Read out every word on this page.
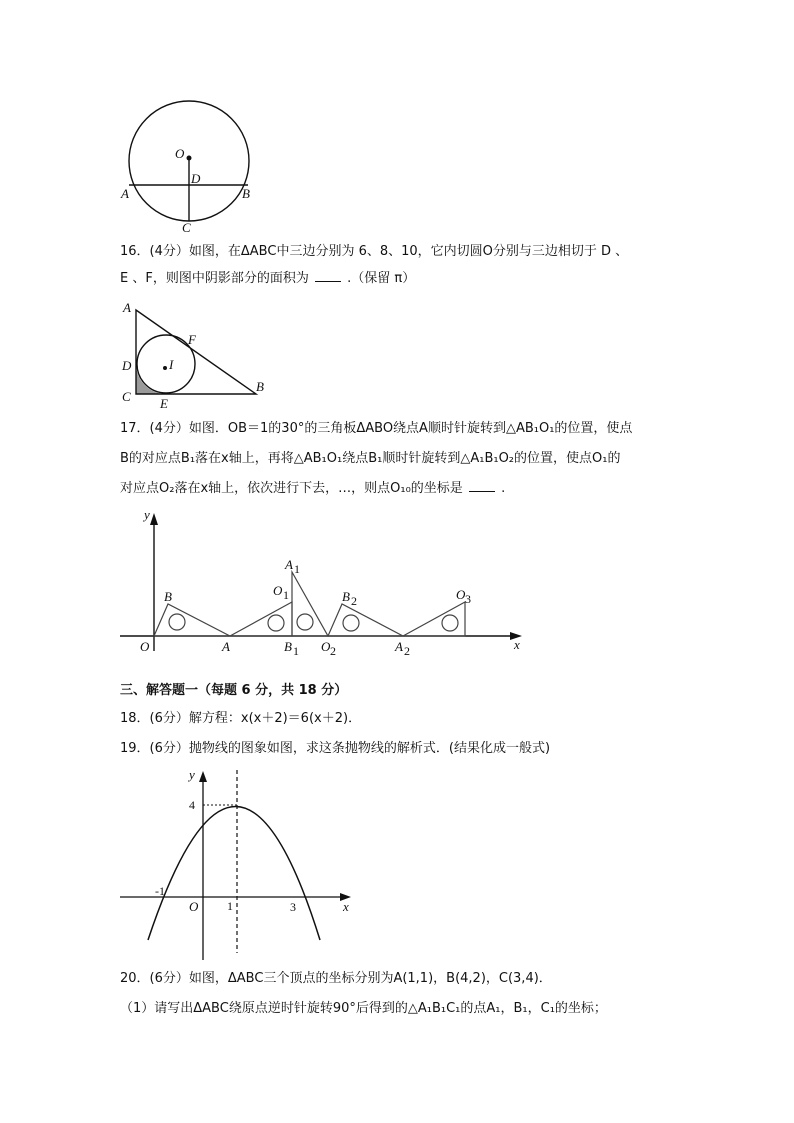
O
D
A	B
C
16．(4分）如图，在ΔABC中三边分别为 6、8、10，它内切圆O分别与三边相切于 D 、
E 、F，则图中阴影部分的面积为	.（保留 π）
A
F
D	I
C E
B
17．(4分）如图．OB＝1的30°的三角板ΔABO绕点A顺时针旋转到△AB₁O₁的位置，使点
B的对应点B₁落在x轴上，再将△AB₁O₁绕点B₁顺时针旋转到△A₁B₁O₂的位置，使点O₁的
对应点O₂落在x轴上，依次进行下去，…，则点O₁₀的坐标是	.
y
x
O
B
A
O 1
A 1
B 1 O 2
B 2
A 2
O 3
三、解答题一（每题 6 分，共 18 分）
18．(6分）解方程：x(x＋2)＝6(x＋2)．
19．(6分）抛物线的图象如图，求这条抛物线的解析式．(结果化成一般式)
y
x
4
-1
O 1	3
20．(6分）如图，ΔABC三个顶点的坐标分别为A(1,1)，B(4,2)，C(3,4)．
（1）请写出ΔABC绕原点逆时针旋转90°后得到的△A₁B₁C₁的点A₁，B₁，C₁的坐标；
